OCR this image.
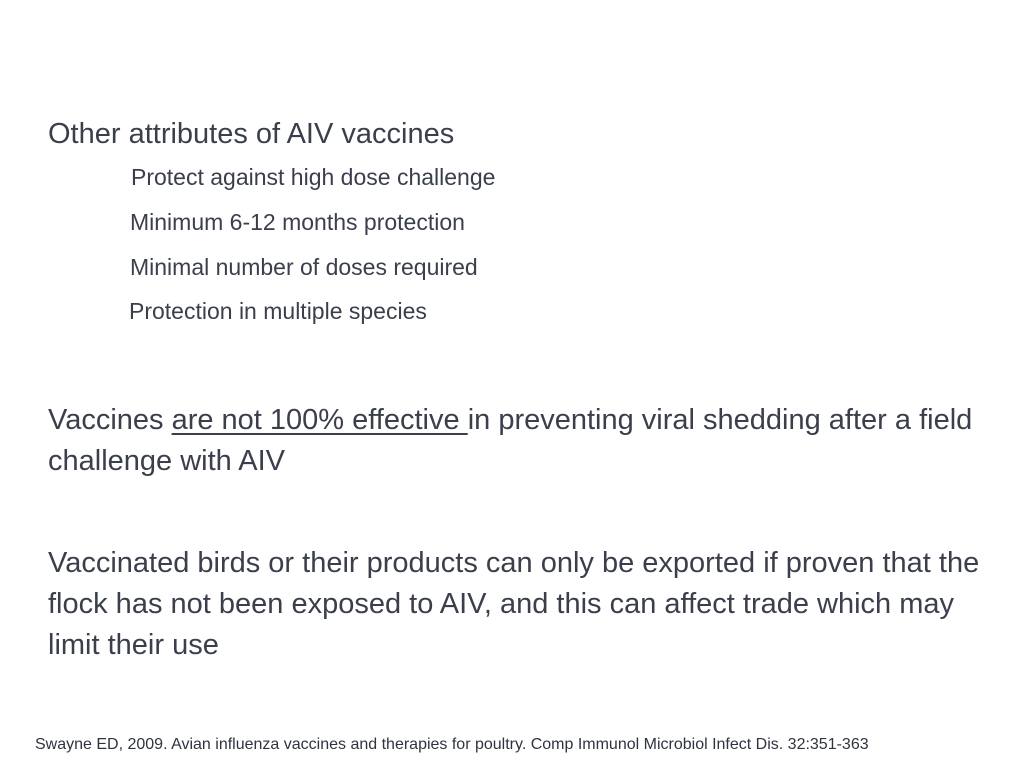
Other attributes of AIV vaccines
Protect against high dose challenge
Minimum 6-12 months protection
Minimal number of doses required
Protection in multiple species
Vaccines are not 100% effective in preventing viral shedding after a field challenge with AIV
Vaccinated birds or their products can only be exported if proven that the flock has not been exposed to AIV, and this can affect trade which may limit their use
Swayne ED, 2009. Avian influenza vaccines and therapies for poultry. Comp Immunol Microbiol Infect Dis. 32:351-363
